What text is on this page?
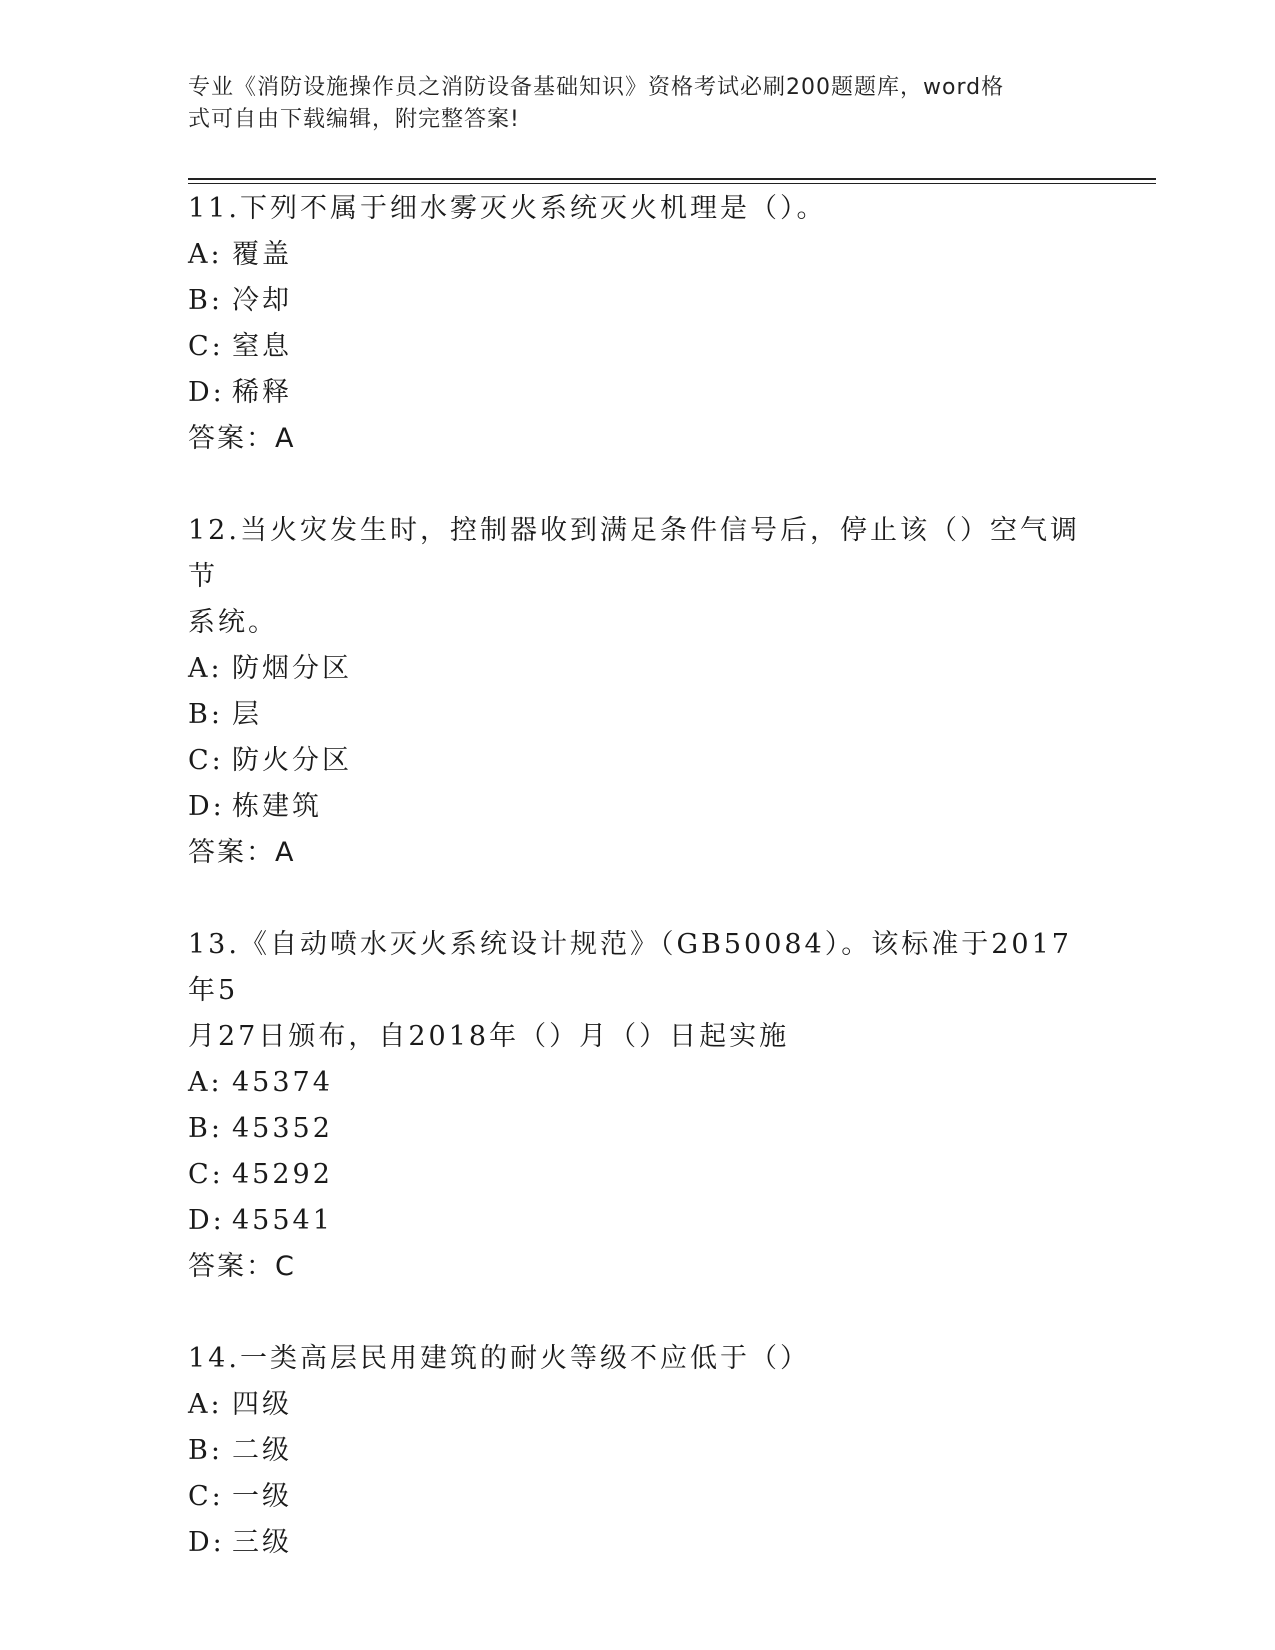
专业《消防设施操作员之消防设备基础知识》资格考试必刷200题题库，word格
式可自由下载编辑，附完整答案!

11.下列不属于细水雾灭火系统灭火机理是（）。

A: 覆盖
B: 冷却
C: 窒息
D: 稀释
答案：A

12.当火灾发生时，控制器收到满足条件信号后，停止该（）空气调节

系统。

A: 防烟分区
B: 层
C: 防火分区
D: 栋建筑
答案：A

13.《自动喷水灭火系统设计规范》（GB50084）。该标准于2017年5

月27日颁布，自2018年（）月（）日起实施

A: 45374
B: 45352
C: 45292
D: 45541
答案：C

14.一类高层民用建筑的耐火等级不应低于（）

A: 四级
B: 二级
C: 一级
D: 三级
